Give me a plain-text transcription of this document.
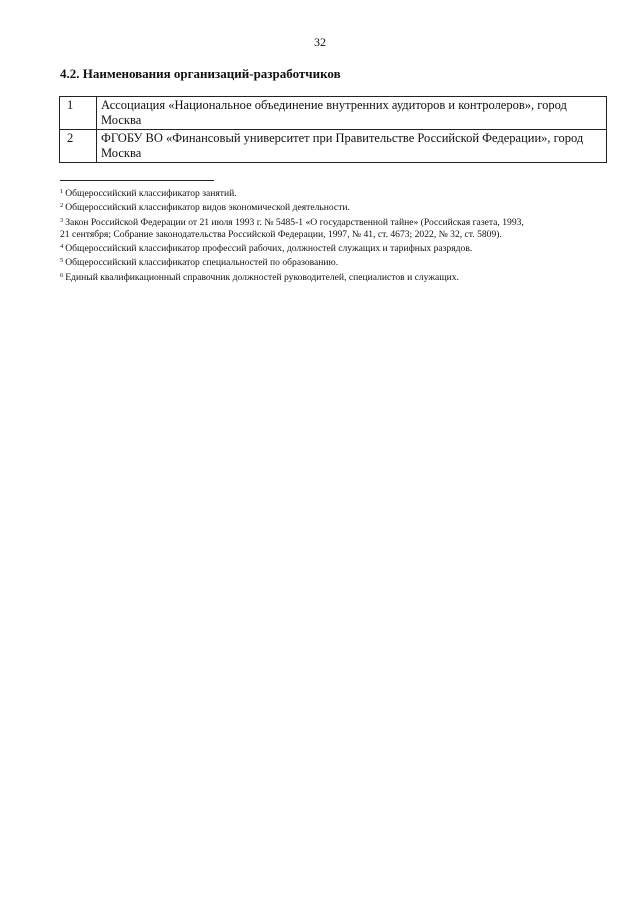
32
4.2. Наименования организаций-разработчиков
1	Ассоциация «Национальное объединение внутренних аудиторов и контролеров», город
Москва

2	ФГОБУ ВО «Финансовый университет при Правительстве Российской Федерации», город
Москва
$^1$ Общероссийский классификатор занятий.
$^2$ Общероссийский классификатор видов экономической деятельности.
$^3$ Закон Российской Федерации от 21 июля 1993 г. № 5485-1 «О государственной тайне» (Российская газета, 1993,
21 сентября; Собрание законодательства Российской Федерации, 1997, № 41, ст. 4673; 2022, № 32, ст. 5809).
$^4$ Общероссийский классификатор профессий рабочих, должностей служащих и тарифных разрядов.
$^5$ Общероссийский классификатор специальностей по образованию.
$^6$ Единый квалификационный справочник должностей руководителей, специалистов и служащих.
